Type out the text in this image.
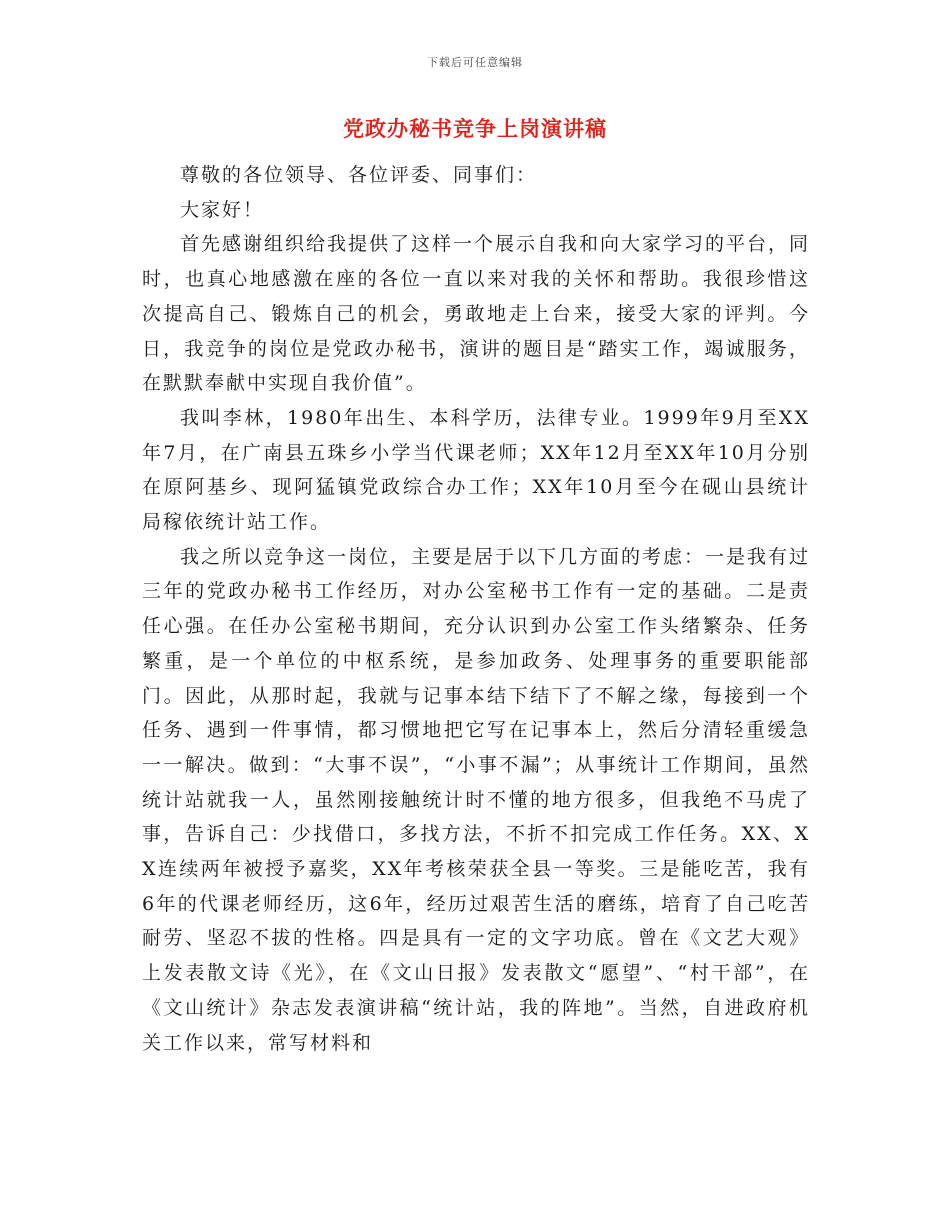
下载后可任意编辑
党政办秘书竞争上岗演讲稿

尊敬的各位领导、各位评委、同事们：

大家好！

首先感谢组织给我提供了这样一个展示自我和向大家学习的平台，同时，也真心地感激在座的各位一直以来对我的关怀和帮助。我很珍惜这次提高自己、锻炼自己的机会，勇敢地走上台来，接受大家的评判。今日，我竞争的岗位是党政办秘书，演讲的题目是“踏实工作，竭诚服务，在默默奉献中实现自我价值”。

我叫李林，1980年出生、本科学历，法律专业。1999年9月至XX年7月，在广南县五珠乡小学当代课老师；XX年12月至XX年10月分别在原阿基乡、现阿猛镇党政综合办工作；XX年10月至今在砚山县统计局稼依统计站工作。

我之所以竞争这一岗位，主要是居于以下几方面的考虑：一是我有过三年的党政办秘书工作经历，对办公室秘书工作有一定的基础。二是责任心强。在任办公室秘书期间，充分认识到办公室工作头绪繁杂、任务繁重，是一个单位的中枢系统，是参加政务、处理事务的重要职能部门。因此，从那时起，我就与记事本结下结下了不解之缘，每接到一个任务、遇到一件事情，都习惯地把它写在记事本上，然后分清轻重缓急一一解决。做到：“大事不误”，“小事不漏”；从事统计工作期间，虽然统计站就我一人，虽然刚接触统计时不懂的地方很多，但我绝不马虎了事，告诉自己：少找借口，多找方法，不折不扣完成工作任务。XX、XX连续两年被授予嘉奖，XX年考核荣获全县一等奖。三是能吃苦，我有6年的代课老师经历，这6年，经历过艰苦生活的磨练，培育了自己吃苦耐劳、坚忍不拔的性格。四是具有一定的文字功底。曾在《文艺大观》上发表散文诗《光》，在《文山日报》发表散文“愿望”、“村干部”，在《文山统计》杂志发表演讲稿“统计站，我的阵地”。当然，自进政府机关工作以来，常写材料和
